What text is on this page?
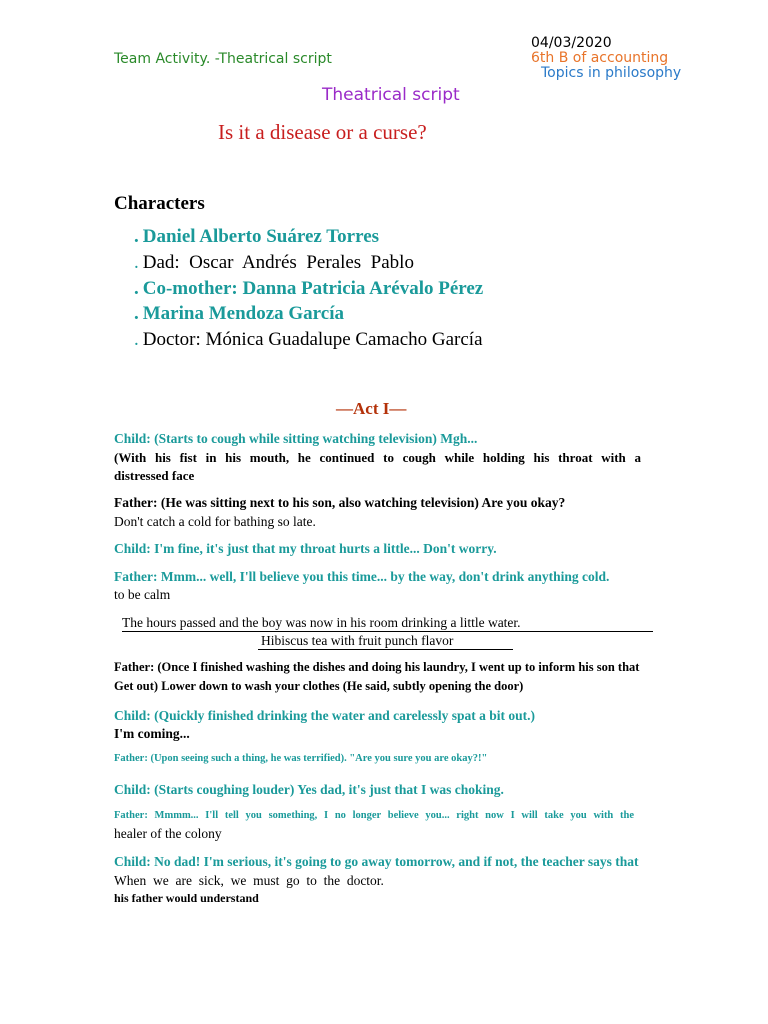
Team Activity. -Theatrical script
04/03/2020
6th B of accounting
Topics in philosophy
Theatrical script
Is it a disease or a curse?
Characters
. Daniel Alberto Suárez Torres
. Dad:  Oscar  Andrés  Perales  Pablo
. Co-mother: Danna Patricia Arévalo Pérez
. Marina Mendoza García
. Doctor: Mónica Guadalupe Camacho García
—Act I—
Child: (Starts to cough while sitting watching television) Mgh...
(With his fist in his mouth, he continued to cough while holding his throat with a
distressed face
Father: (He was sitting next to his son, also watching television) Are you okay?
Don't catch a cold for bathing so late.
Child: I'm fine, it's just that my throat hurts a little... Don't worry.
Father: Mmm... well, I'll believe you this time... by the way, don't drink anything cold.
to be calm
The hours passed and the boy was now in his room drinking a little water.
Hibiscus tea with fruit punch flavor
Father: (Once I finished washing the dishes and doing his laundry, I went up to inform his son that
Get out) Lower down to wash your clothes (He said, subtly opening the door)
Child: (Quickly finished drinking the water and carelessly spat a bit out.)
I'm coming...
Father: (Upon seeing such a thing, he was terrified). "Are you sure you are okay?!"
Child: (Starts coughing louder) Yes dad, it's just that I was choking.
Father: Mmmm... I'll tell you something, I no longer believe you... right now I will take you with the
healer of the colony
Child: No dad! I'm serious, it's going to go away tomorrow, and if not, the teacher says that
When  we  are  sick,  we  must  go  to  the  doctor.
his father would understand
